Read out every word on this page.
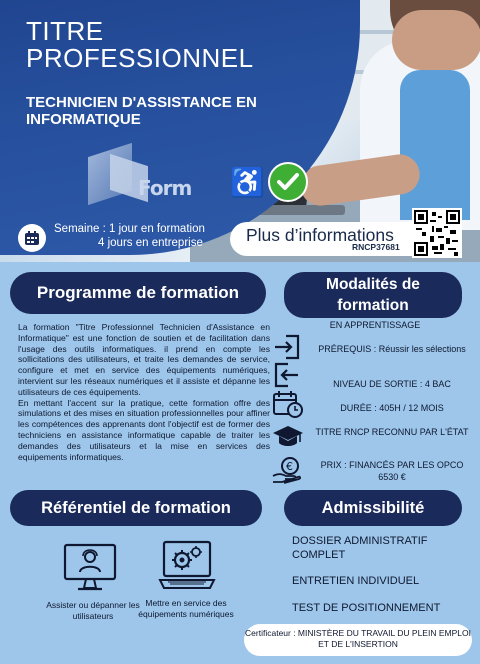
TITRE
PROFESSIONNEL
TECHNICIEN D'ASSISTANCE EN INFORMATIQUE
Form ♿
Semaine : 1 jour en formation
4 jours en entreprise Plus d’informations
RNCP37681
Programme de formation

La formation "Titre Professionnel Technicien d'Assistance en Informatique" est une fonction de soutien et de facilitation dans l'usage des outils informatiques. il prend en compte les sollicitations des utilisateurs, et traite les demandes de service, configure et met en service des équipements numériques, intervient sur les réseaux numériques et il assiste et dépanne les utilisateurs de ces équipements.

En mettant l'accent sur la pratique, cette formation offre des simulations et des mises en situation professionnelles pour affiner les compétences des apprenants dont l'objectif est de former des techniciens en assistance informatique capable de traiter les demandes des utilisateurs et la mise en services des equipements informatiques.

Modalités de
formation
EN APPRENTISSAGE
PRÉREQUIS : Réussir les sélections
NIVEAU DE SORTIE : 4 BAC
DURÉE : 405H / 12 MOIS
TITRE RNCP RECONNU PAR L'ÉTAT
€	PRIX : FINANCÉS PAR LES OPCO 6530 €
Référentiel de formation
Assister ou dépanner les utilisateurs
Mettre en service des équipements numériques
Admissibilité
DOSSIER ADMINISTRATIF COMPLET
ENTRETIEN INDIVIDUEL
TEST DE POSITIONNEMENT
Certificateur : MINISTÈRE DU TRAVAIL DU PLEIN EMPLOI ET DE L'INSERTION
